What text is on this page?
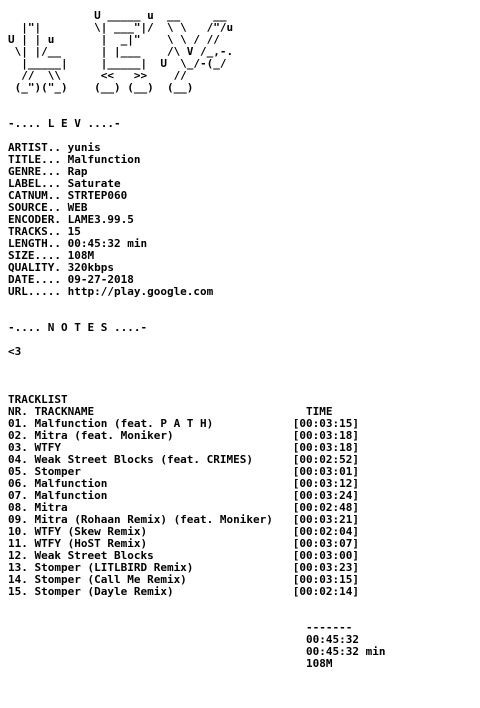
U _____ u  __     __
|"|        \| ___"|/  \ \   /"/u
U | | u       |  _|"    \ \ / //
\| |/__      | |___    /\ V /_,-.
|_____|     |_____|  U  \_/-(_/
//  \\      <<   >>    //
(_")("_)    (__) (__)  (__)
-.... L E V ....-
ARTIST.. yunis
TITLE... Malfunction
GENRE... Rap
LABEL... Saturate
CATNUM.. STRTEP060
SOURCE.. WEB
ENCODER. LAME3.99.5
TRACKS.. 15
LENGTH.. 00:45:32 min
SIZE.... 108M
QUALITY. 320kbps
DATE.... 09-27-2018
URL..... http://play.google.com
-.... N O T E S ....-
<3
TRACKLIST
NR. TRACKNAME                                TIME
01. Malfunction (feat. P A T H)            [00:03:15]
02. Mitra (feat. Moniker)                  [00:03:18]
03. WTFY                                   [00:03:18]
04. Weak Street Blocks (feat. CRIMES)      [00:02:52]
05. Stomper                                [00:03:01]
06. Malfunction                            [00:03:12]
07. Malfunction                            [00:03:24]
08. Mitra                                  [00:02:48]
09. Mitra (Rohaan Remix) (feat. Moniker)   [00:03:21]
10. WTFY (Skew Remix)                      [00:02:04]
11. WTFY (HoST Remix)                      [00:03:07]
12. Weak Street Blocks                     [00:03:00]
13. Stomper (LITLBIRD Remix)               [00:03:23]
14. Stomper (Call Me Remix)                [00:03:15]
15. Stomper (Dayle Remix)                  [00:02:14]
-------
00:45:32
00:45:32 min
108M
